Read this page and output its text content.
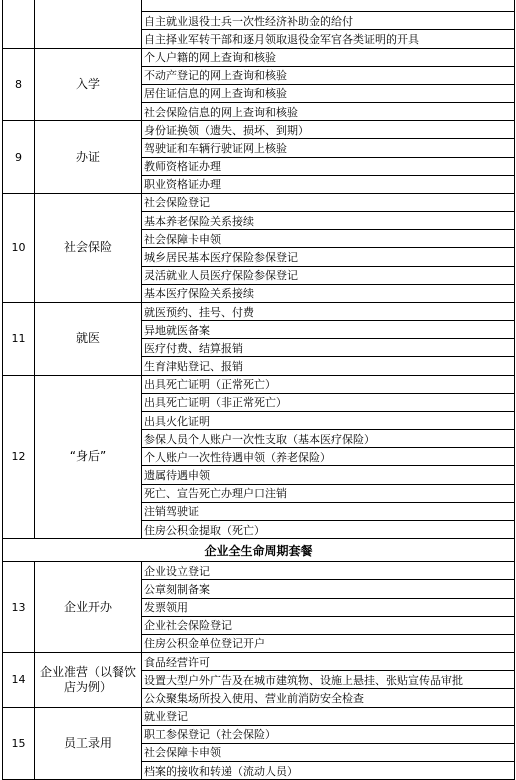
		自主就业退役士兵一次性经济补助金的给付
		自主择业军转干部和逐月领取退役金军官各类证明的开具
8	入学	个人户籍的网上查询和核验
		不动产登记的网上查询和核验
		居住证信息的网上查询和核验
		社会保险信息的网上查询和核验
9	办证	身份证换领（遗失、损坏、到期）
		驾驶证和车辆行驶证网上核验
		教师资格证办理
		职业资格证办理
10	社会保险	社会保险登记
		基本养老保险关系接续
		社会保障卡申领
		城乡居民基本医疗保险参保登记
		灵活就业人员医疗保险参保登记
		基本医疗保险关系接续
11	就医	就医预约、挂号、付费
		异地就医备案
		医疗付费、结算报销
		生育津贴登记、报销
12	“身后”	出具死亡证明（正常死亡）
		出具死亡证明（非正常死亡）
		出具火化证明
		参保人员个人账户一次性支取（基本医疗保险）
		个人账户一次性待遇申领（养老保险）
		遗属待遇申领
		死亡、宣告死亡办理户口注销
		注销驾驶证
		住房公积金提取（死亡）
企业全生命周期套餐		
13	企业开办	企业设立登记
		公章刻制备案
		发票领用
		企业社会保险登记
		住房公积金单位登记开户
14	企业准营（以餐饮店为例）	食品经营许可
		设置大型户外广告及在城市建筑物、设施上悬挂、张贴宣传品审批
		公众聚集场所投入使用、营业前消防安全检查
15	员工录用	就业登记
		职工参保登记（社会保险）
		社会保障卡申领
		档案的接收和转递（流动人员）
